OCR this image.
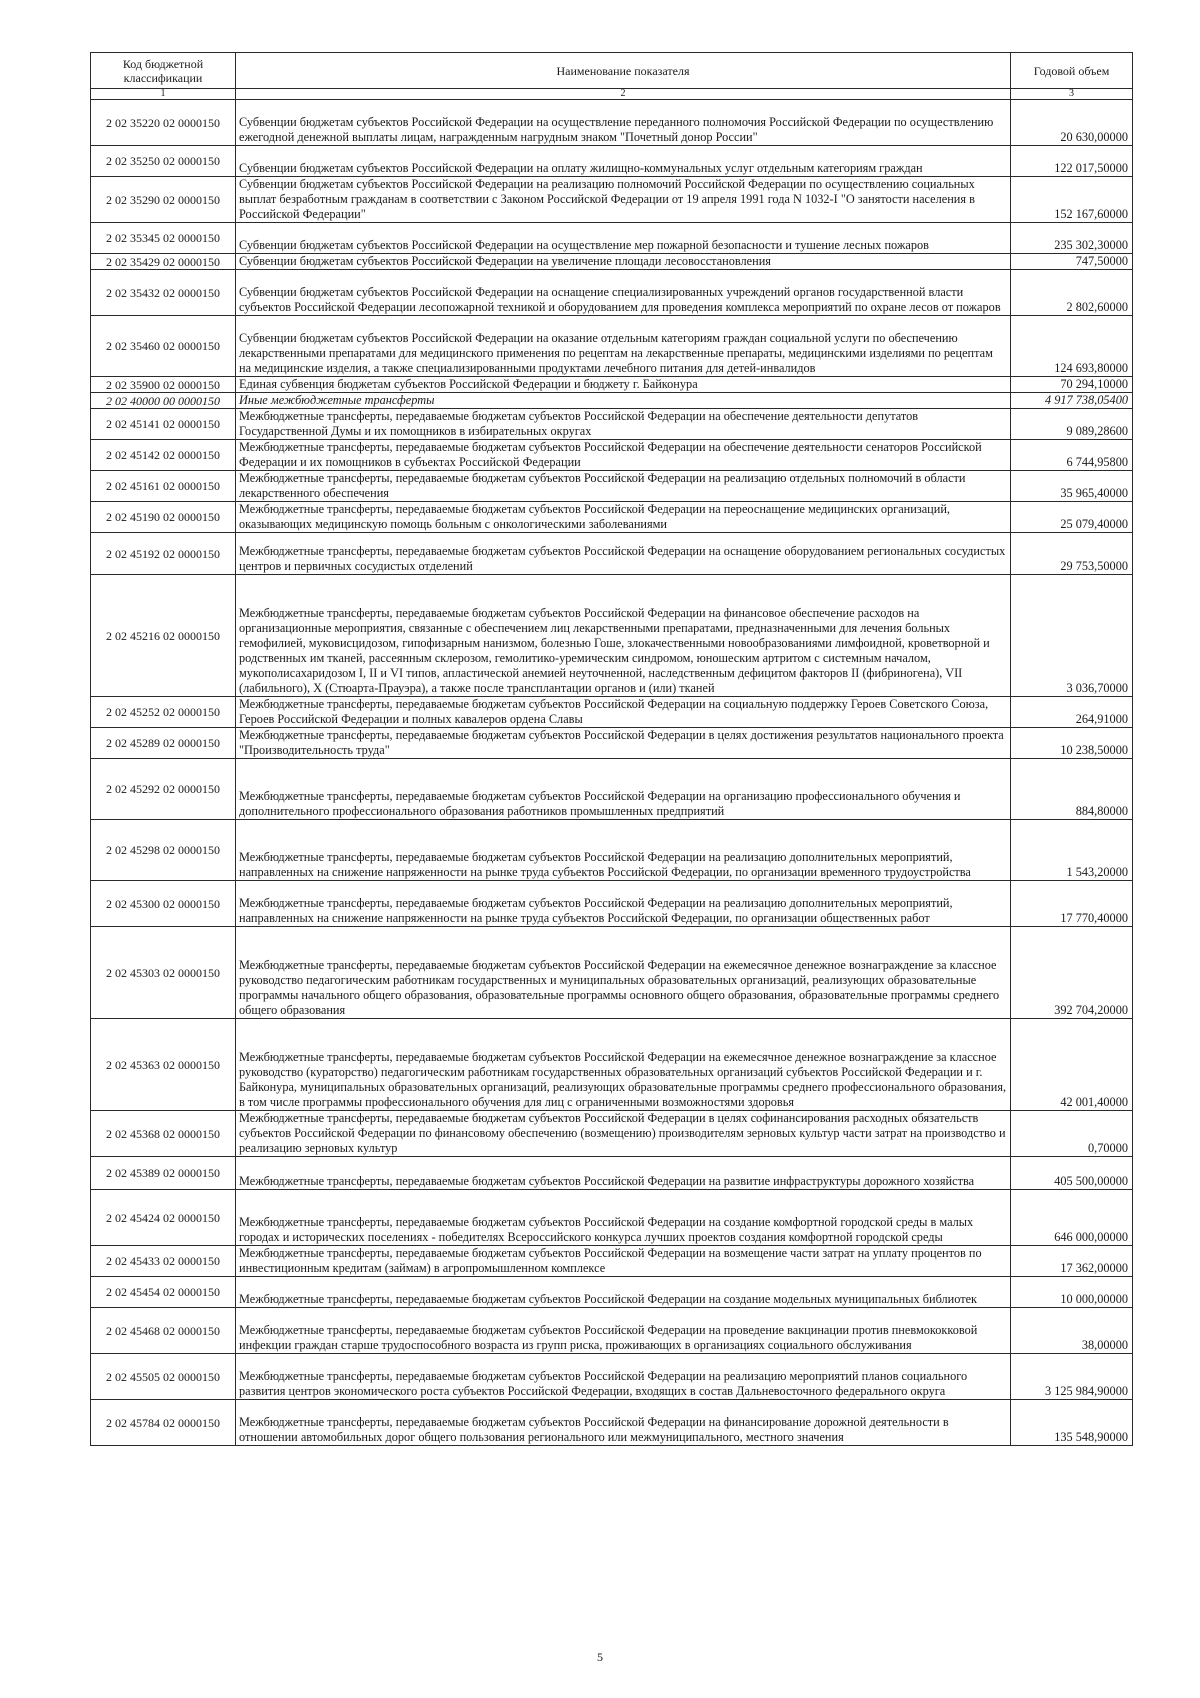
Код бюджетной классификации	Наименование показателя	Годовой объем
1	2	3
2 02 35220 02 0000150	Субвенции бюджетам субъектов Российской Федерации на осуществление переданного полномочия Российской Федерации по осуществлению ежегодной денежной выплаты лицам, награжденным нагрудным знаком "Почетный донор России"	20 630,00000
2 02 35250 02 0000150	Субвенции бюджетам субъектов Российской Федерации на оплату жилищно-коммунальных услуг отдельным категориям граждан	122 017,50000
2 02 35290 02 0000150	Субвенции бюджетам субъектов Российской Федерации на реализацию полномочий Российской Федерации по осуществлению социальных выплат безработным гражданам в соответствии с Законом Российской Федерации от 19 апреля 1991 года N 1032-I "О занятости населения в Российской Федерации"	152 167,60000
2 02 35345 02 0000150	Субвенции бюджетам субъектов Российской Федерации на осуществление мер пожарной безопасности и тушение лесных пожаров	235 302,30000
2 02 35429 02 0000150	Субвенции бюджетам субъектов Российской Федерации на увеличение площади лесовосстановления	747,50000
2 02 35432 02 0000150	Субвенции бюджетам субъектов Российской Федерации на оснащение специализированных учреждений органов государственной власти субъектов Российской Федерации лесопожарной техникой и оборудованием для проведения комплекса мероприятий по охране лесов от пожаров	2 802,60000
2 02 35460 02 0000150	Субвенции бюджетам субъектов Российской Федерации на оказание отдельным категориям граждан социальной услуги по обеспечению лекарственными препаратами для медицинского применения по рецептам на лекарственные препараты, медицинскими изделиями по рецептам на медицинские изделия, а также специализированными продуктами лечебного питания для детей-инвалидов	124 693,80000
2 02 35900 02 0000150	Единая субвенция бюджетам субъектов Российской Федерации и бюджету г. Байконура	70 294,10000
2 02 40000 00 0000150	Иные межбюджетные трансферты	4 917 738,05400
2 02 45141 02 0000150	Межбюджетные трансферты, передаваемые бюджетам субъектов Российской Федерации на обеспечение деятельности депутатов Государственной Думы и их помощников в избирательных округах	9 089,28600
2 02 45142 02 0000150	Межбюджетные трансферты, передаваемые бюджетам субъектов Российской Федерации на обеспечение деятельности сенаторов Российской Федерации и их помощников в субъектах Российской Федерации	6 744,95800
2 02 45161 02 0000150	Межбюджетные трансферты, передаваемые бюджетам субъектов Российской Федерации на реализацию отдельных полномочий в области лекарственного обеспечения	35 965,40000
2 02 45190 02 0000150	Межбюджетные трансферты, передаваемые бюджетам субъектов Российской Федерации на переоснащение медицинских организаций, оказывающих медицинскую помощь больным с онкологическими заболеваниями	25 079,40000
2 02 45192 02 0000150	Межбюджетные трансферты, передаваемые бюджетам субъектов Российской Федерации на оснащение оборудованием региональных сосудистых центров и первичных сосудистых отделений	29 753,50000
2 02 45216 02 0000150	Межбюджетные трансферты, передаваемые бюджетам субъектов Российской Федерации на финансовое обеспечение расходов на организационные мероприятия, связанные с обеспечением лиц лекарственными препаратами, предназначенными для лечения больных гемофилией, муковисцидозом, гипофизарным нанизмом, болезнью Гоше, злокачественными новообразованиями лимфоидной, кроветворной и родственных им тканей, рассеянным склерозом, гемолитико-уремическим синдромом, юношеским артритом с системным началом, мукополисахаридозом I, II и VI типов, апластической анемией неуточненной, наследственным дефицитом факторов II (фибриногена), VII (лабильного), X (Стюарта-Прауэра), а также после трансплантации органов и (или) тканей	3 036,70000
2 02 45252 02 0000150	Межбюджетные трансферты, передаваемые бюджетам субъектов Российской Федерации на социальную поддержку Героев Советского Союза, Героев Российской Федерации и полных кавалеров ордена Славы	264,91000
2 02 45289 02 0000150	Межбюджетные трансферты, передаваемые бюджетам субъектов Российской Федерации в целях достижения результатов национального проекта "Производительность труда"	10 238,50000
2 02 45292 02 0000150	Межбюджетные трансферты, передаваемые бюджетам субъектов Российской Федерации на организацию профессионального обучения и дополнительного профессионального образования работников промышленных предприятий	884,80000
2 02 45298 02 0000150	Межбюджетные трансферты, передаваемые бюджетам субъектов Российской Федерации на реализацию дополнительных мероприятий, направленных на снижение напряженности на рынке труда субъектов Российской Федерации, по организации временного трудоустройства	1 543,20000
2 02 45300 02 0000150	Межбюджетные трансферты, передаваемые бюджетам субъектов Российской Федерации на реализацию дополнительных мероприятий, направленных на снижение напряженности на рынке труда субъектов Российской Федерации, по организации общественных работ	17 770,40000
2 02 45303 02 0000150	Межбюджетные трансферты, передаваемые бюджетам субъектов Российской Федерации на ежемесячное денежное вознаграждение за классное руководство педагогическим работникам государственных и муниципальных образовательных организаций, реализующих образовательные программы начального общего образования, образовательные программы основного общего образования, образовательные программы среднего общего образования	392 704,20000
2 02 45363 02 0000150	Межбюджетные трансферты, передаваемые бюджетам субъектов Российской Федерации на ежемесячное денежное вознаграждение за классное руководство (кураторство) педагогическим работникам государственных образовательных организаций субъектов Российской Федерации и г. Байконура, муниципальных образовательных организаций, реализующих образовательные программы среднего профессионального образования, в том числе программы профессионального обучения для лиц с ограниченными возможностями здоровья	42 001,40000
2 02 45368 02 0000150	Межбюджетные трансферты, передаваемые бюджетам субъектов Российской Федерации в целях софинансирования расходных обязательств субъектов Российской Федерации по финансовому обеспечению (возмещению) производителям зерновых культур части затрат на производство и реализацию зерновых культур	0,70000
2 02 45389 02 0000150	Межбюджетные трансферты, передаваемые бюджетам субъектов Российской Федерации на развитие инфраструктуры дорожного хозяйства	405 500,00000
2 02 45424 02 0000150	Межбюджетные трансферты, передаваемые бюджетам субъектов Российской Федерации на создание комфортной городской среды в малых городах и исторических поселениях - победителях Всероссийского конкурса лучших проектов создания комфортной городской среды	646 000,00000
2 02 45433 02 0000150	Межбюджетные трансферты, передаваемые бюджетам субъектов Российской Федерации на возмещение части затрат на уплату процентов по инвестиционным кредитам (займам) в агропромышленном комплексе	17 362,00000
2 02 45454 02 0000150	Межбюджетные трансферты, передаваемые бюджетам субъектов Российской Федерации на создание модельных муниципальных библиотек	10 000,00000
2 02 45468 02 0000150	Межбюджетные трансферты, передаваемые бюджетам субъектов Российской Федерации на проведение вакцинации против пневмококковой инфекции граждан старше трудоспособного возраста из групп риска, проживающих в организациях социального обслуживания	38,00000
2 02 45505 02 0000150	Межбюджетные трансферты, передаваемые бюджетам субъектов Российской Федерации на реализацию мероприятий планов социального развития центров экономического роста субъектов Российской Федерации, входящих в состав Дальневосточного федерального округа	3 125 984,90000
2 02 45784 02 0000150	Межбюджетные трансферты, передаваемые бюджетам субъектов Российской Федерации на финансирование дорожной деятельности в отношении автомобильных дорог общего пользования регионального или межмуниципального, местного значения	135 548,90000
5
